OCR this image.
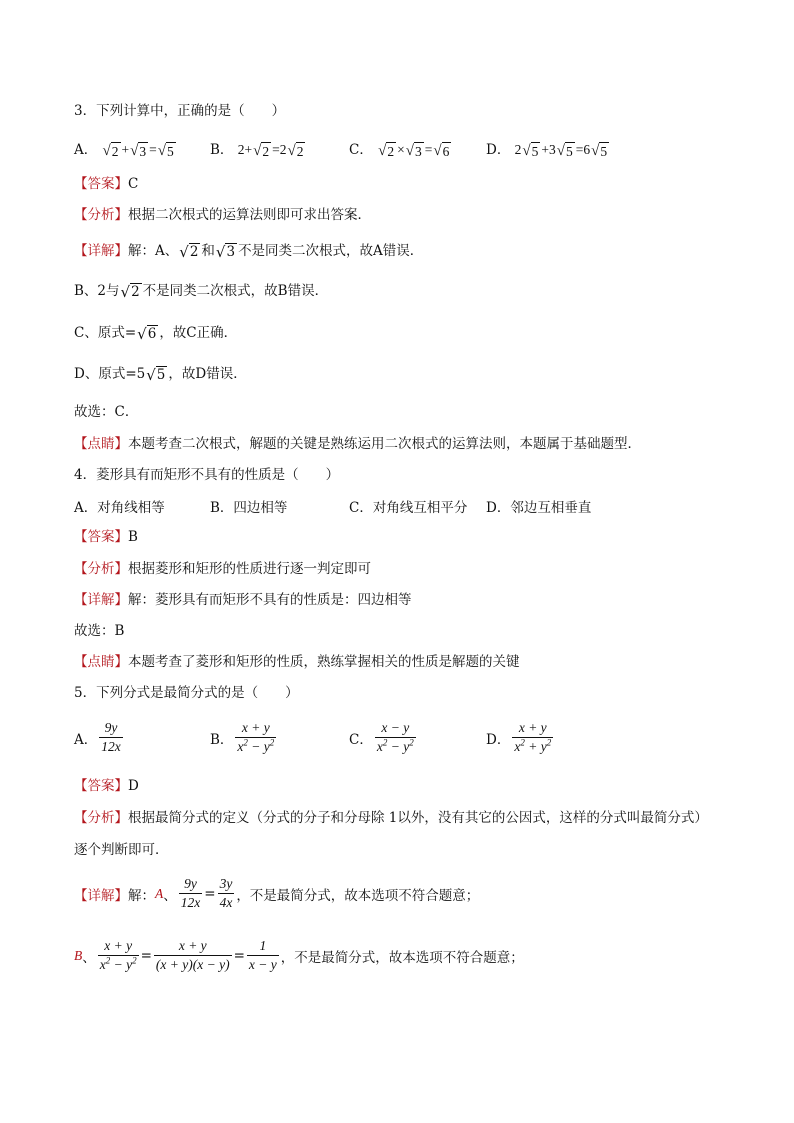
3．下列计算中，正确的是（　　）
A． √ 2 + √ 3 = √ 5	B． 2+ √ 2 =2 √ 2	C． √ 2 × √ 3 = √ 6	D． 2 √ 5 +3 √ 5 =6 √ 5
【答案】C
【分析】根据二次根式的运算法则即可求出答案．
【详解】解：A、 √ 2 和 √ 3 不是同类二次根式，故A错误．
B、2与 √ 2 不是同类二次根式，故B错误．
C、原式= √ 6 ，故C正确．
D、原式=5 √ 5 ，故D错误．
故选：C．
【点睛】本题考查二次根式，解题的关键是熟练运用二次根式的运算法则，本题属于基础题型．
4．菱形具有而矩形不具有的性质是（　　）
A．对角线相等	B．四边相等	C．对角线互相平分 D．邻边互相垂直
【答案】B
【分析】根据菱形和矩形的性质进行逐一判定即可
【详解】解：菱形具有而矩形不具有的性质是：四边相等
故选：B
【点睛】本题考查了菱形和矩形的性质，熟练掌握相关的性质是解题的关键
5．下列分式是最简分式的是（　　）
A． $\frac{9y}{12x}$	B． $\frac{x + y}{x^2 - y^2}$	C． $\frac{x - y}{x^2 - y^2}$	D． $\frac{x + y}{x^2 + y^2}$
【答案】D
【分析】根据最简分式的定义（分式的分子和分母除 1以外，没有其它的公因式，这样的分式叫最简分式）
逐个判断即可．
【详解】 解： A 、 $\frac{9y}{12x} = \frac{3y}{4x}$ ，不是最简分式，故本选项不符合题意；
B 、 $\frac{x + y}{x^2 - y^2} = \frac{x + y}{(x + y)(x - y)} = \frac{1}{x - y}$ ，不是最简分式，故本选项不符合题意；
